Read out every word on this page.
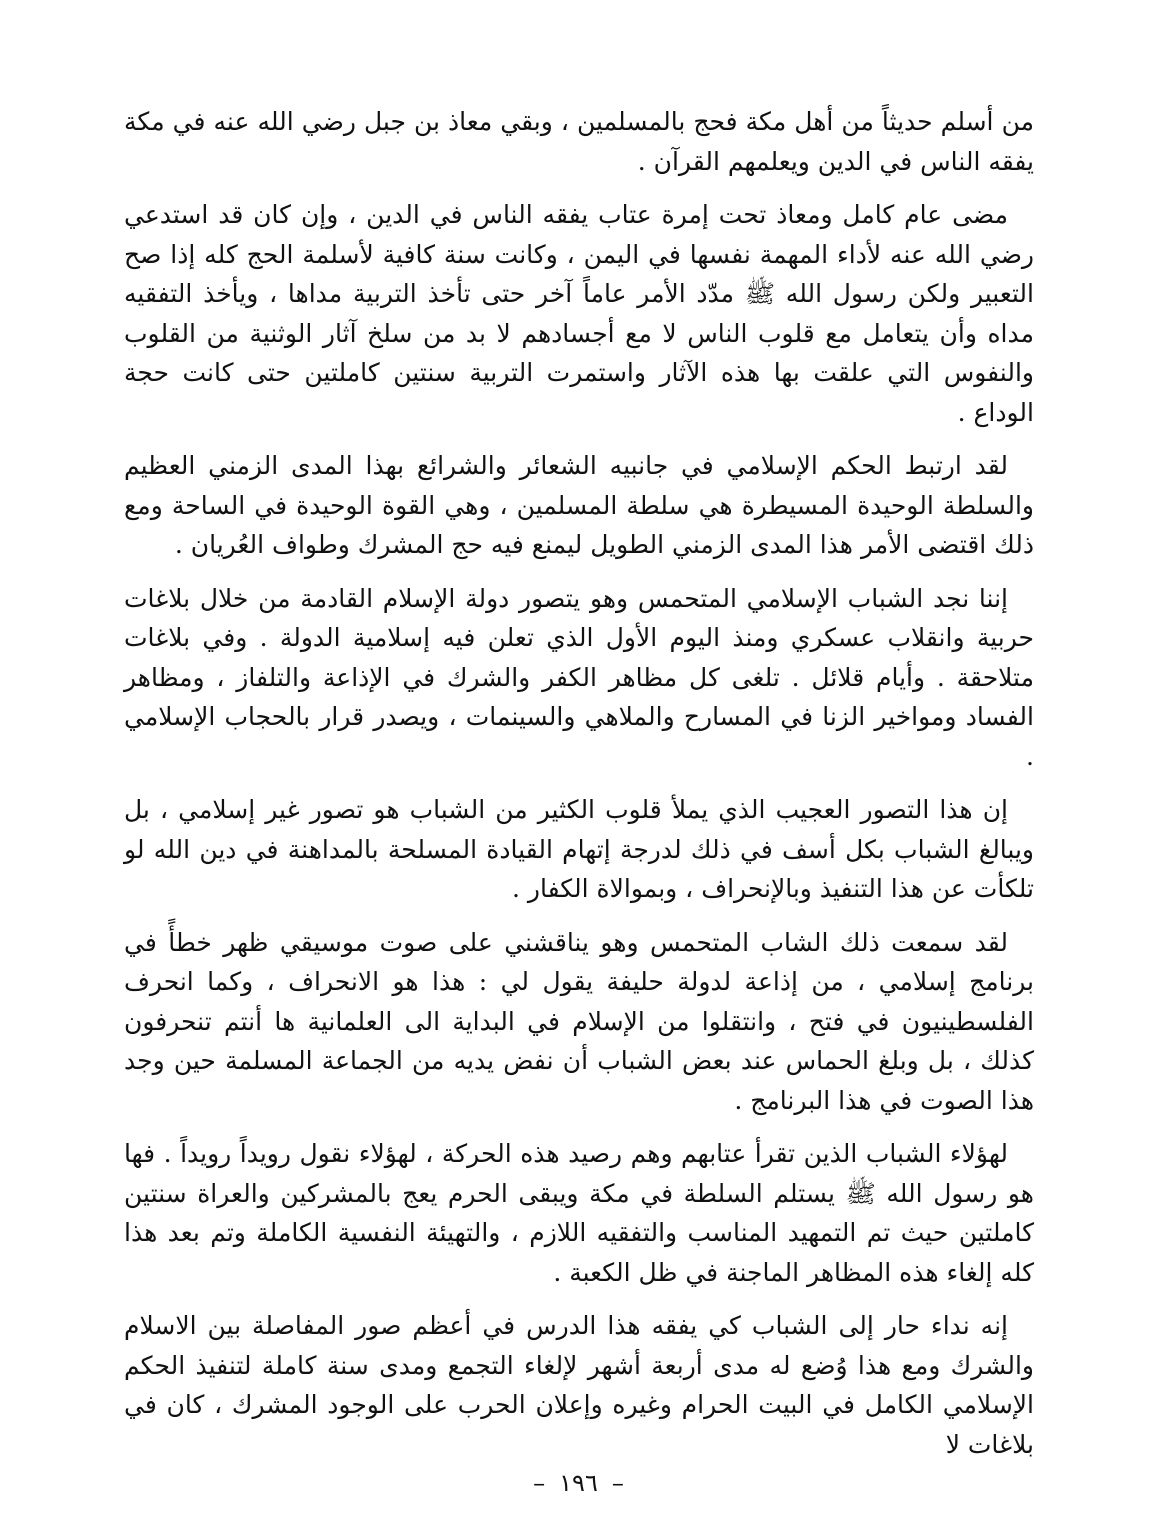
من أسلم حديثاً من أهل مكة فحج بالمسلمين ، وبقي معاذ بن جبل رضي الله عنه في مكة يفقه الناس في الدين ويعلمهم القرآن .

مضى عام كامل ومعاذ تحت إمرة عتاب يفقه الناس في الدين ، وإن كان قد استدعي رضي الله عنه لأداء المهمة نفسها في اليمن ، وكانت سنة كافية لأسلمة الحج كله إذا صح التعبير ولكن رسول الله ﷺ مدّد الأمر عاماً آخر حتى تأخذ التربية مداها ، ويأخذ التفقيه مداه وأن يتعامل مع قلوب الناس لا مع أجسادهم لا بد من سلخ آثار الوثنية من القلوب والنفوس التي علقت بها هذه الآثار واستمرت التربية سنتين كاملتين حتى كانت حجة الوداع .

لقد ارتبط الحكم الإسلامي في جانبيه الشعائر والشرائع بهذا المدى الزمني العظيم والسلطة الوحيدة المسيطرة هي سلطة المسلمين ، وهي القوة الوحيدة في الساحة ومع ذلك اقتضى الأمر هذا المدى الزمني الطويل ليمنع فيه حج المشرك وطواف العُريان .

إننا نجد الشباب الإسلامي المتحمس وهو يتصور دولة الإسلام القادمة من خلال بلاغات حربية وانقلاب عسكري ومنذ اليوم الأول الذي تعلن فيه إسلامية الدولة . وفي بلاغات متلاحقة . وأيام قلائل . تلغى كل مظاهر الكفر والشرك في الإذاعة والتلفاز ، ومظاهر الفساد ومواخير الزنا في المسارح والملاهي والسينمات ، ويصدر قرار بالحجاب الإسلامي .

إن هذا التصور العجيب الذي يملأ قلوب الكثير من الشباب هو تصور غير إسلامي ، بل ويبالغ الشباب بكل أسف في ذلك لدرجة إتهام القيادة المسلحة بالمداهنة في دين الله لو تلكأت عن هذا التنفيذ وبالإنحراف ، وبموالاة الكفار .

لقد سمعت ذلك الشاب المتحمس وهو يناقشني على صوت موسيقي ظهر خطأً في برنامج إسلامي ، من إذاعة لدولة حليفة يقول لي : هذا هو الانحراف ، وكما انحرف الفلسطينيون في فتح ، وانتقلوا من الإسلام في البداية الى العلمانية ها أنتم تنحرفون كذلك ، بل وبلغ الحماس عند بعض الشباب أن نفض يديه من الجماعة المسلمة حين وجد هذا الصوت في هذا البرنامج .

لهؤلاء الشباب الذين تقرأ عتابهم وهم رصيد هذه الحركة ، لهؤلاء نقول رويداً رويداً . فها هو رسول الله ﷺ يستلم السلطة في مكة ويبقى الحرم يعج بالمشركين والعراة سنتين كاملتين حيث تم التمهيد المناسب والتفقيه اللازم ، والتهيئة النفسية الكاملة وتم بعد هذا كله إلغاء هذه المظاهر الماجنة في ظل الكعبة .

إنه نداء حار إلى الشباب كي يفقه هذا الدرس في أعظم صور المفاصلة بين الاسلام والشرك ومع هذا وُضع له مدى أربعة أشهر لإلغاء التجمع ومدى سنة كاملة لتنفيذ الحكم الإسلامي الكامل في البيت الحرام وغيره وإعلان الحرب على الوجود المشرك ، كان في بلاغات لا

–١٩٦–
